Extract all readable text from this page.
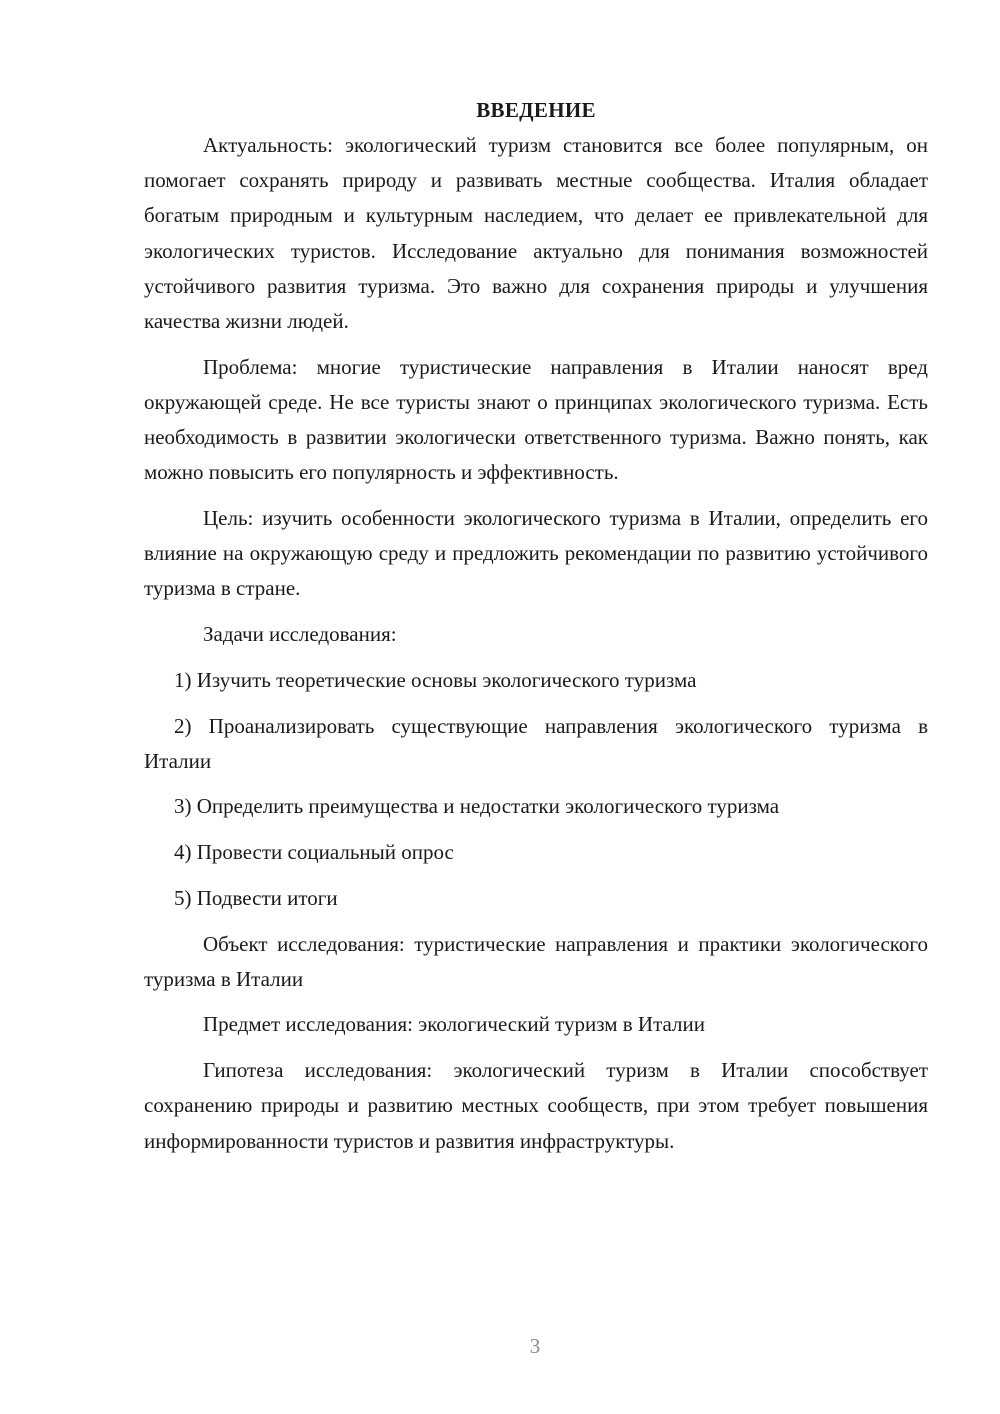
ВВЕДЕНИЕ

Актуальность: экологический туризм становится все более популярным, он помогает сохранять природу и развивать местные сообщества. Италия обладает богатым природным и культурным наследием, что делает ее привлекательной для экологических туристов. Исследование актуально для понимания возможностей устойчивого развития туризма. Это важно для сохранения природы и улучшения качества жизни людей.

Проблема: многие туристические направления в Италии наносят вред окружающей среде. Не все туристы знают о принципах экологического туризма. Есть необходимость в развитии экологически ответственного туризма. Важно понять, как можно повысить его популярность и эффективность.

Цель: изучить особенности экологического туризма в Италии, определить его влияние на окружающую среду и предложить рекомендации по развитию устойчивого туризма в стране.

Задачи исследования:

1) Изучить теоретические основы экологического туризма

2) Проанализировать существующие направления экологического туризма в Италии

3) Определить преимущества и недостатки экологического туризма

4) Провести социальный опрос

5) Подвести итоги

Объект исследования: туристические направления и практики экологического туризма в Италии

Предмет исследования: экологический туризм в Италии

Гипотеза исследования: экологический туризм в Италии способствует сохранению природы и развитию местных сообществ, при этом требует повышения информированности туристов и развития инфраструктуры.

3
